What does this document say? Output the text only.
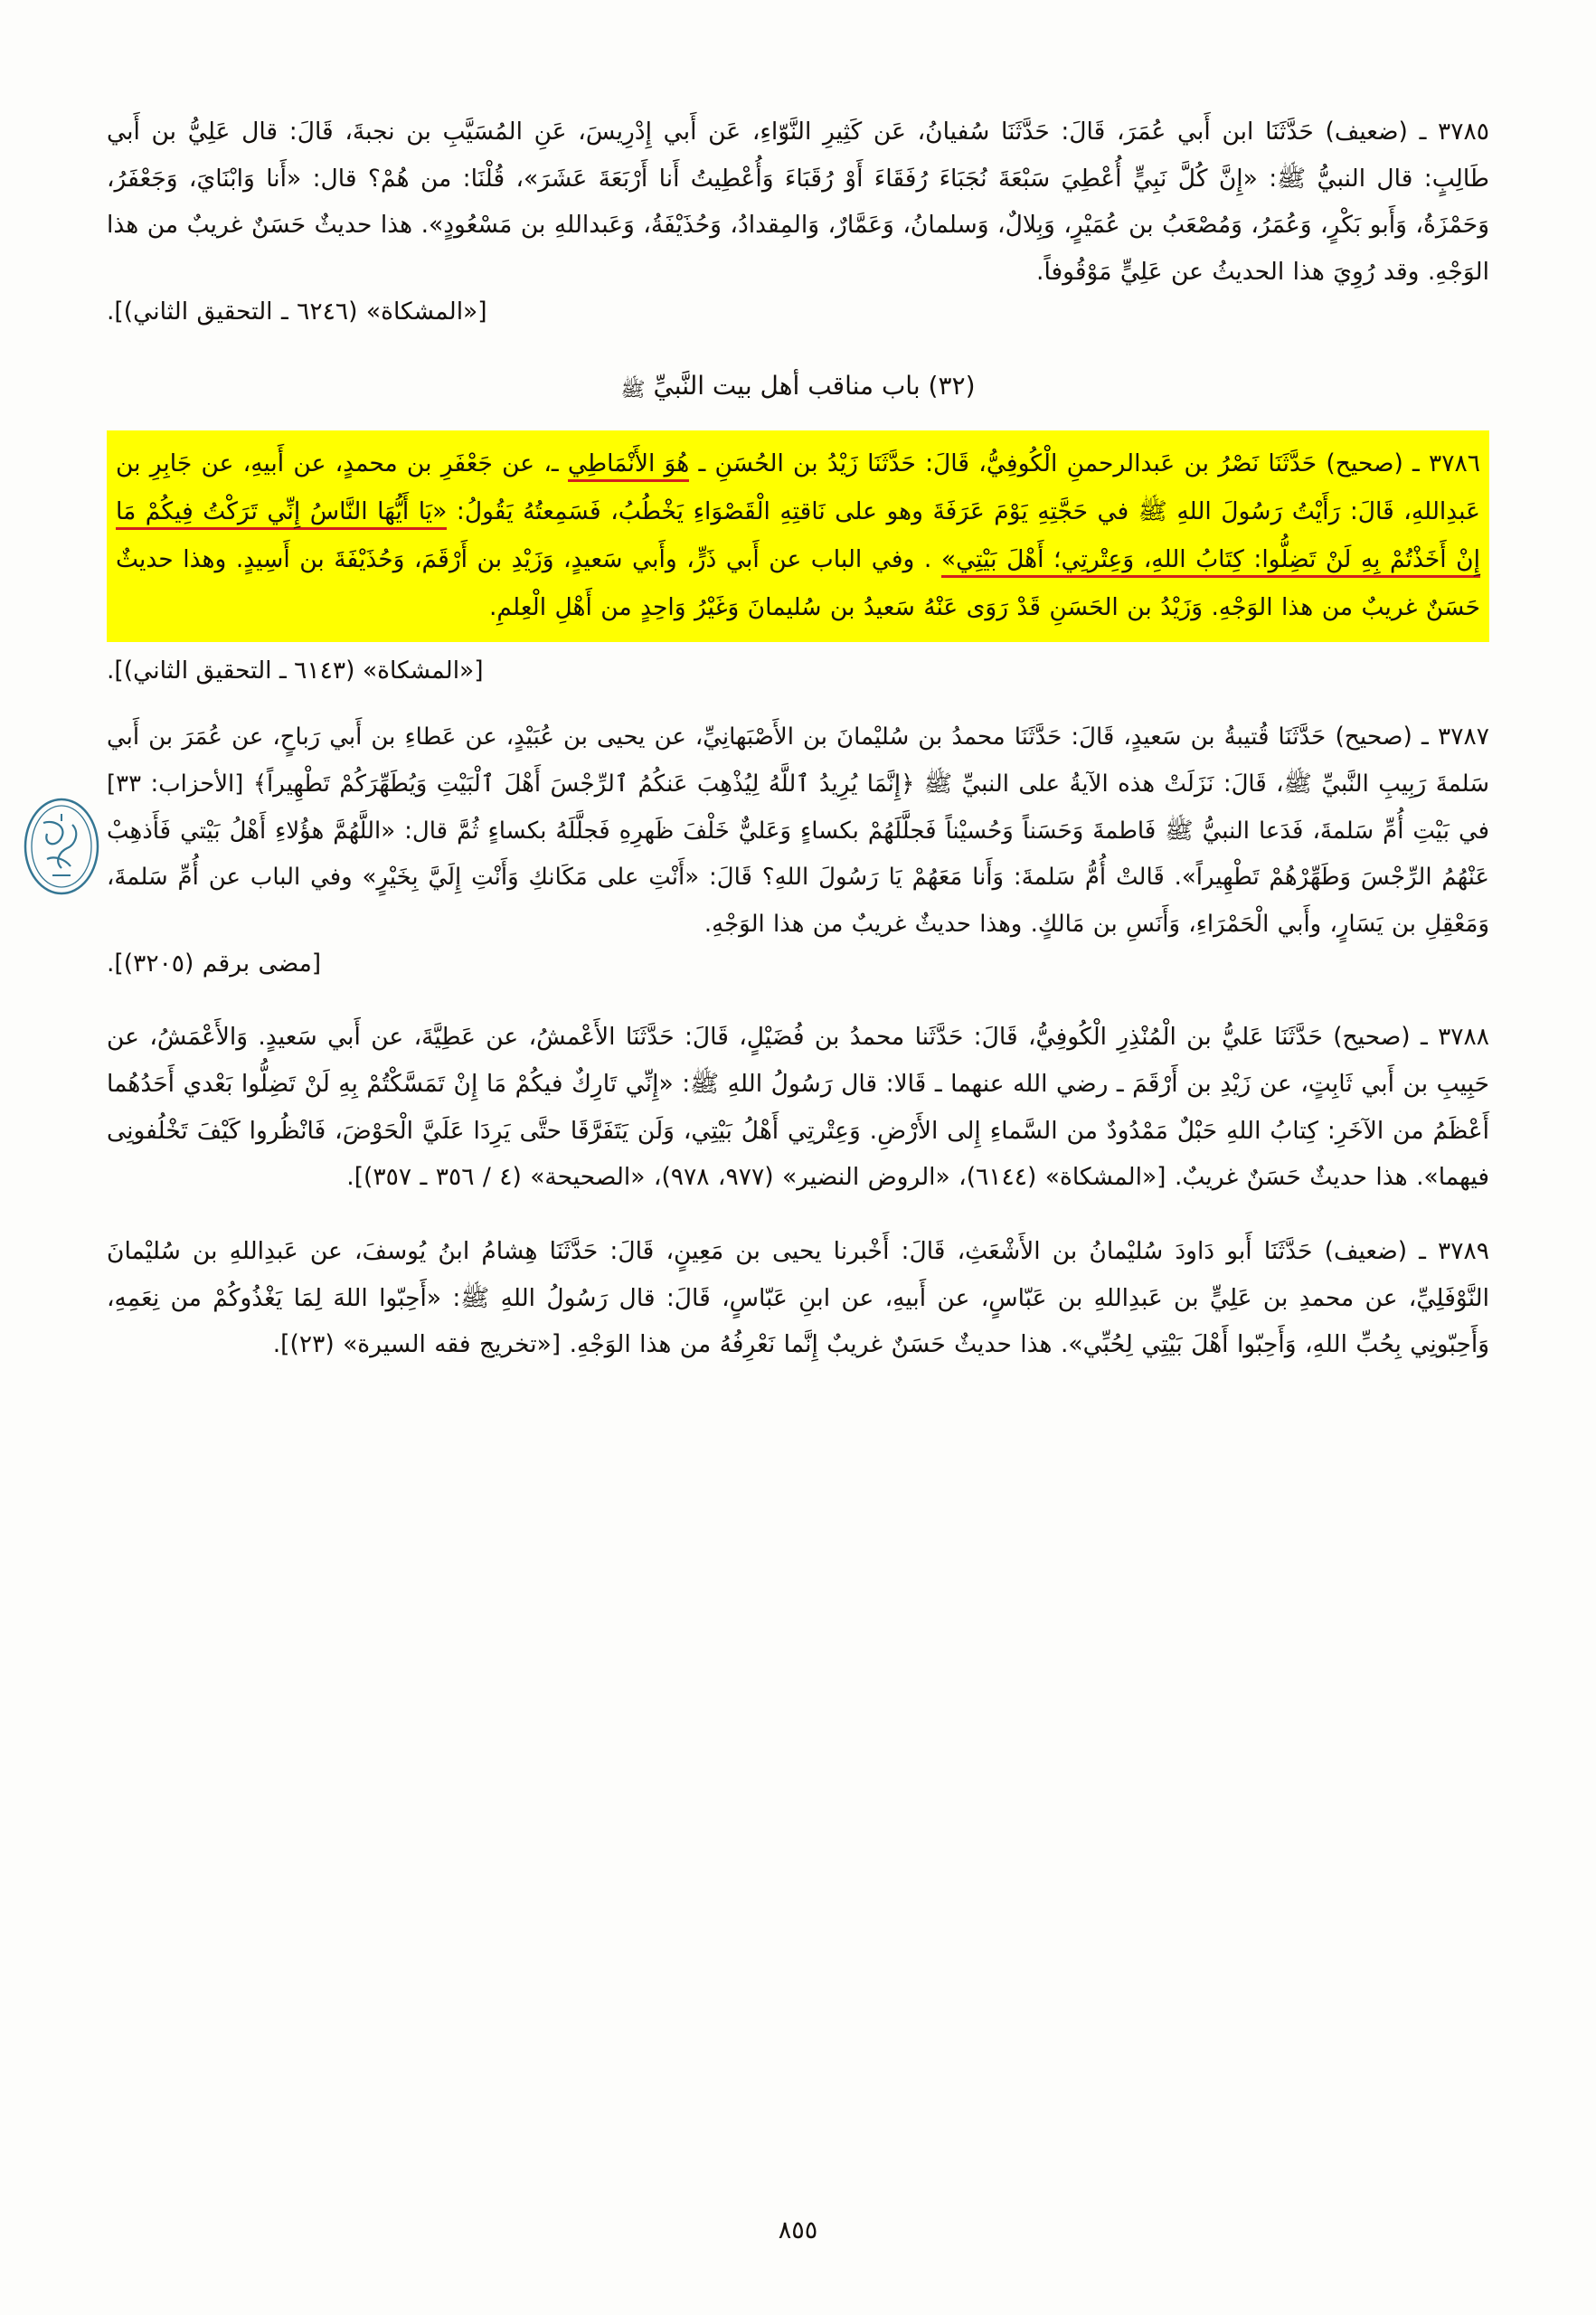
٣٧٨٥ ـ (ضعيف) حَدَّثَنَا ابن أَبي عُمَرَ، قَالَ: حَدَّثَنَا سُفيانُ، عَن كَثِيرِ النَّوّاءِ، عَن أَبي إِدْرِيسَ، عَنِ المُسَيَّبِ بن نجبةَ، قَالَ: قال عَلِيُّ بن أَبي طَالِبٍ: قال النبيُّ ﷺ: «إِنَّ كُلَّ نَبِيٍّ أُعْطِيَ سَبْعَةَ نُجَبَاءَ رُفَقَاءَ أَوْ رُقَبَاءَ وَأُعْطِيتُ أَنا أَرْبَعَةَ عَشَرَ»، قُلْنَا: من هُمْ؟ قال: «أَنا وَابْنَايَ، وَجَعْفَرُ، وَحَمْزَةُ، وَأَبو بَكْرٍ، وَعُمَرُ، وَمُصْعَبُ بن عُمَيْرٍ، وَبِلالٌ، وَسلمانُ، وَعَمَّارٌ، وَالمِقدادُ، وَحُذَيْفَةُ، وَعَبداللهِ بن مَسْعُودٍ». هذا حديثٌ حَسَنٌ غريبٌ من هذا الوَجْهِ. وقد رُوِيَ هذا الحديثُ عن عَلِيٍّ مَوْقُوفاً.

[«المشكاة» (٦٢٤٦ ـ التحقيق الثاني)].

(٣٢) باب مناقب أهل بيت النَّبيِّ ﷺ

٣٧٨٦ ـ (صحيح) حَدَّثَنَا نَصْرُ بن عَبدالرحمنِ الْكُوفِيُّ، قَالَ: حَدَّثَنَا زَيْدُ بن الحُسَنِ ـ هُوَ الأَنْمَاطِي ـ، عن جَعْفَرِ بن محمدٍ، عن أَبيهِ، عن جَابِرِ بن عَبدِاللهِ، قَالَ: رَأَيْتُ رَسُولَ اللهِ ﷺ في حَجَّتِهِ يَوْمَ عَرَفَةَ وهو على نَاقتِهِ الْقَصْوَاءِ يَخْطُبُ، فَسَمِعتُهُ يَقُولُ: «يَا أَيُّهَا النَّاسُ إِنِّي تَرَكْتُ فِيكُمْ مَا إِنْ أَخَذْتُمْ بِهِ لَنْ تَضِلُّوا: كِتَابُ اللهِ، وَعِتْرتِي؛ أَهْلَ بَيْتِي» . وفي الباب عن أَبي ذَرٍّ، وأَبي سَعيدٍ، وَزَيْدِ بن أَرْقَمَ، وَحُذَيْفَةَ بن أَسِيدٍ. وهذا حديثٌ حَسَنٌ غريبٌ من هذا الوَجْهِ. وَزَيْدُ بن الحَسَنِ قَدْ رَوَى عَنْهُ سَعيدُ بن سُليمانَ وَغَيْرُ وَاحِدٍ من أَهْلِ الْعِلمِ.

[«المشكاة» (٦١٤٣ ـ التحقيق الثاني)].

٣٧٨٧ ـ (صحيح) حَدَّثَنَا قُتيبةُ بن سَعيدٍ، قَالَ: حَدَّثَنَا محمدُ بن سُليْمانَ بن الأَصْبَهانِيِّ، عن يحيى بن عُبَيْدٍ، عن عَطاءِ بن أَبي رَباحٍ، عن عُمَرَ بن أَبي سَلمةَ رَبِيبِ النَّبيِّ ﷺ، قَالَ: نَزَلَتْ هذه الآيةُ على النبيِّ ﷺ ﴿إِنَّمَا يُرِيدُ ٱللَّهُ لِيُذْهِبَ عَنكُمُ ٱلرِّجْسَ أَهْلَ ٱلْبَيْتِ وَيُطَهِّرَكُمْ تَطْهِيراً﴾ [الأحزاب: ٣٣] في بَيْتِ أُمِّ سَلمةَ، فَدَعا النبيُّ ﷺ فَاطمةَ وَحَسَناً وَحُسيْناً فَجلَّلَهُمْ بكساءٍ وَعَليٌّ خَلْفَ ظَهرِهِ فَجلَّلَهُ بكساءٍ ثُمَّ قال: «اللَّهُمَّ هؤُلاءِ أَهْلُ بَيْتي فَأَذهِبْ عَنْهُمُ الرِّجْسَ وَطَهِّرْهُمْ تَطْهِيراً». قَالتْ أُمُّ سَلمةَ: وَأَنا مَعَهُمْ يَا رَسُولَ اللهِ؟ قَالَ: «أَنْتِ على مَكَانكِ وَأَنْتِ إِلَيَّ بِخَيْرٍ» وفي الباب عن أُمِّ سَلمةَ، وَمَعْقِلِ بن يَسَارٍ، وأَبي الْحَمْرَاءِ، وَأَنَسِ بن مَالكٍ. وهذا حديثٌ غريبٌ من هذا الوَجْهِ.

[مضى برقم (٣٢٠٥)].

٣٧٨٨ ـ (صحيح) حَدَّثَنَا عَليُّ بن الْمُنْذِرِ الْكُوفِيُّ، قَالَ: حَدَّثَنا محمدُ بن فُضَيْلٍ، قَالَ: حَدَّثَنَا الأَعْمشُ، عن عَطِيَّةَ، عن أَبي سَعيدٍ. وَالأَعْمَشُ، عن حَبِيبِ بن أَبي ثَابِتٍ، عن زَيْدِ بن أَرْقَمَ ـ رضي الله عنهما ـ قَالا: قال رَسُولُ اللهِ ﷺ: «إِنِّي تَارِكٌ فيكُمْ مَا إِنْ تَمَسَّكْتُمْ بِهِ لَنْ تَضِلُّوا بَعْدي أَحَدُهُما أَعْظَمُ من الآخَرِ: كِتابُ اللهِ حَبْلٌ مَمْدُودٌ من السَّماءِ إِلى الأَرْضِ. وَعِتْرتِي أَهْلُ بَيْتِي، وَلَن يَتَفَرَّقَا حتَّى يَرِدَا عَلَيَّ الْحَوْضَ، فَانْظُروا كَيْفَ تَخْلُفونِى فيهما». هذا حديثٌ حَسَنٌ غريبٌ. [«المشكاة» (٦١٤٤)، «الروض النضير» (٩٧٧، ٩٧٨)، «الصحيحة» (٤ / ٣٥٦ ـ ٣٥٧)].

٣٧٨٩ ـ (ضعيف) حَدَّثَنَا أَبو دَاودَ سُليْمانُ بن الأَشْعَثِ، قَالَ: أَخْبرنا يحيى بن مَعِينٍ، قَالَ: حَدَّثَنَا هِشامُ ابنُ يُوسفَ، عن عَبدِاللهِ بن سُليْمانَ النَّوْفَلِيِّ، عن محمدِ بن عَلِيٍّ بن عَبدِاللهِ بن عَبّاسٍ، عن أَبيهِ، عن ابنِ عَبّاسٍ، قَالَ: قال رَسُولُ اللهِ ﷺ: «أَحِبّوا اللهَ لِمَا يَغْذُوكُمْ من نِعَمِهِ، وَأَحِبّونِي بِحُبِّ اللهِ، وَأَحِبّوا أَهْلَ بَيْتِي لِحُبِّي». هذا حديثٌ حَسَنٌ غريبٌ إِنَّما نَعْرِفُهُ من هذا الوَجْهِ. [«تخريج فقه السيرة» (٢٣)].

٨٥٥
